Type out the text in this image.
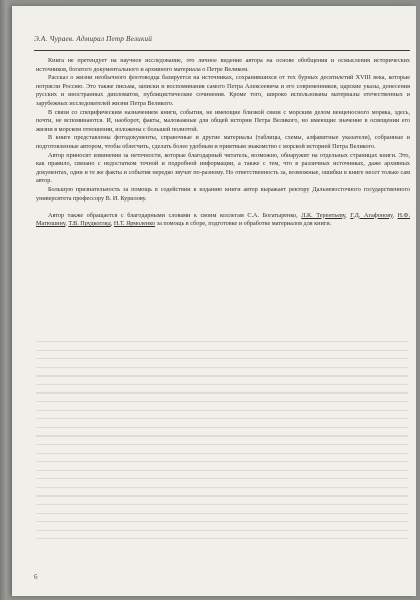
Э.А. Чураев. Адмирал Петр Великий

Книга не претендует на научное исследование, это личное видение автора на основе обобщения и осмысления исторических источников, богатого документального и архивного материала о Петре Великом.

Рассказ о жизни необычного флотоводца базируется на источниках, сохранившихся от тех бурных десятилетий XVIII века, которые потрясли Россию. Это также письма, записки и воспоминания самого Петра Алексеевича и его современников, царские указы, донесения русских и иностранных дипломатов, публицистические сочинения. Кроме того, широко использованы материалы отечественных и зарубежных исследователей жизни Петра Великого.

В связи со специфическим назначением книги, события, не имеющие близкой связи с морским делом венценосного моряка, здесь, почти, не вспоминаются. И, наоборот, факты, маловажные для общей истории Петра Великого, но имеющие значение в освещении его жизни в морском отношении, изложены с большей полнотой.

В книге представлены фотодокументы, справочные и другие материалы (таблицы, схемы, алфавитные указатели), собранные и подготовленные автором, чтобы облегчить, сделать более удобным и приятным знакомство с морской историей Петра Великого.

Автор приносит извинения за неточности, которые благодарный читатель, возможно, обнаружит на отдельных страницах книги. Это, как правило, связано с недостатком точной и подробной информации, а также с тем, что в различных источниках, даже архивных документах, одни и те же факты и события нередко звучат по-разному. Но ответственность за, возможные, ошибки в книге несет только сам автор.

Большую признательность за помощь в содействии к изданию книги автор выражает ректору Дальневосточного государственного университета профессору В. И. Курилову.

Автор также обращается с благодарными словами к своим коллегам С.А. Богатыренко, Л.К. Терентьеву, Г.Д. Агафонову, Н.Ф. Матюшину, Т.В. Прудкогляд, Н.Т. Ярмоленко за помощь в сборе, подготовке и обработке материалов для книги.

6
